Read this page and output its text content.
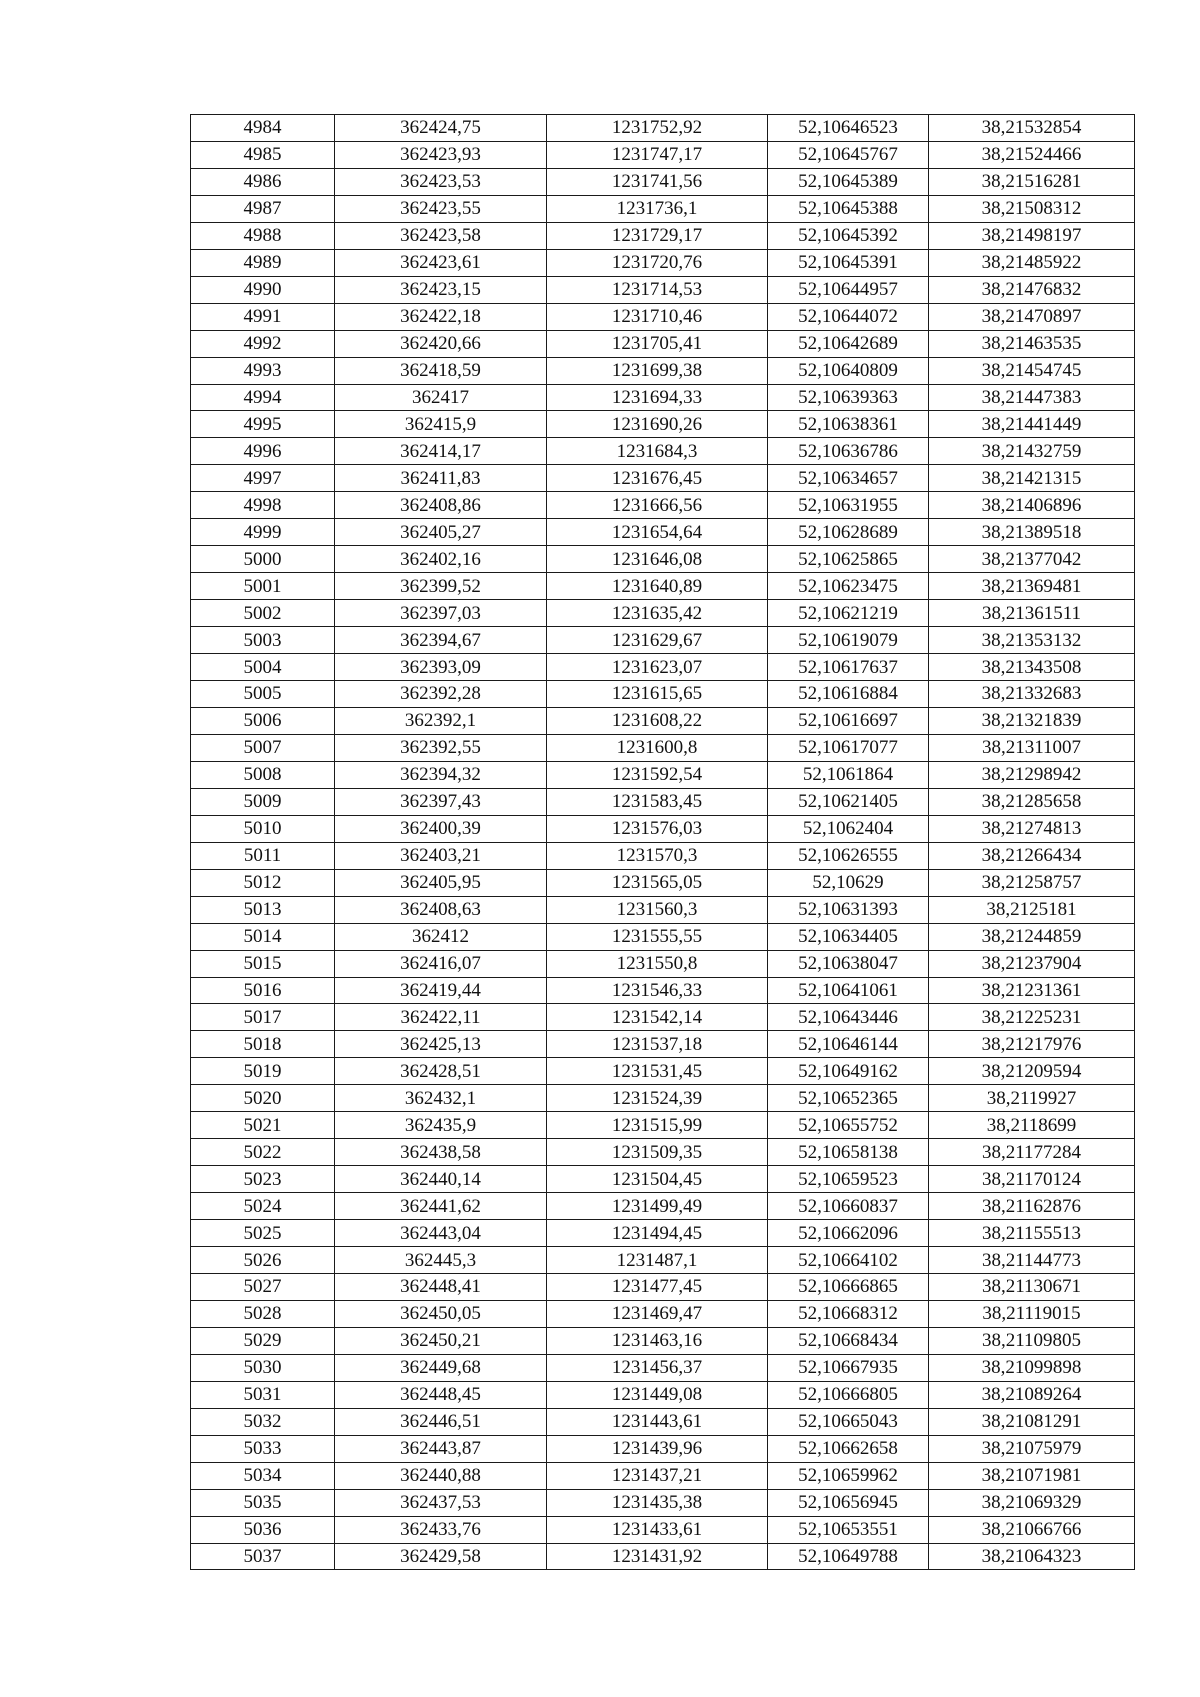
4984	362424,75	1231752,92	52,10646523	38,21532854
4985	362423,93	1231747,17	52,10645767	38,21524466
4986	362423,53	1231741,56	52,10645389	38,21516281
4987	362423,55	1231736,1	52,10645388	38,21508312
4988	362423,58	1231729,17	52,10645392	38,21498197
4989	362423,61	1231720,76	52,10645391	38,21485922
4990	362423,15	1231714,53	52,10644957	38,21476832
4991	362422,18	1231710,46	52,10644072	38,21470897
4992	362420,66	1231705,41	52,10642689	38,21463535
4993	362418,59	1231699,38	52,10640809	38,21454745
4994	362417	1231694,33	52,10639363	38,21447383
4995	362415,9	1231690,26	52,10638361	38,21441449
4996	362414,17	1231684,3	52,10636786	38,21432759
4997	362411,83	1231676,45	52,10634657	38,21421315
4998	362408,86	1231666,56	52,10631955	38,21406896
4999	362405,27	1231654,64	52,10628689	38,21389518
5000	362402,16	1231646,08	52,10625865	38,21377042
5001	362399,52	1231640,89	52,10623475	38,21369481
5002	362397,03	1231635,42	52,10621219	38,21361511
5003	362394,67	1231629,67	52,10619079	38,21353132
5004	362393,09	1231623,07	52,10617637	38,21343508
5005	362392,28	1231615,65	52,10616884	38,21332683
5006	362392,1	1231608,22	52,10616697	38,21321839
5007	362392,55	1231600,8	52,10617077	38,21311007
5008	362394,32	1231592,54	52,1061864	38,21298942
5009	362397,43	1231583,45	52,10621405	38,21285658
5010	362400,39	1231576,03	52,1062404	38,21274813
5011	362403,21	1231570,3	52,10626555	38,21266434
5012	362405,95	1231565,05	52,10629	38,21258757
5013	362408,63	1231560,3	52,10631393	38,2125181
5014	362412	1231555,55	52,10634405	38,21244859
5015	362416,07	1231550,8	52,10638047	38,21237904
5016	362419,44	1231546,33	52,10641061	38,21231361
5017	362422,11	1231542,14	52,10643446	38,21225231
5018	362425,13	1231537,18	52,10646144	38,21217976
5019	362428,51	1231531,45	52,10649162	38,21209594
5020	362432,1	1231524,39	52,10652365	38,2119927
5021	362435,9	1231515,99	52,10655752	38,2118699
5022	362438,58	1231509,35	52,10658138	38,21177284
5023	362440,14	1231504,45	52,10659523	38,21170124
5024	362441,62	1231499,49	52,10660837	38,21162876
5025	362443,04	1231494,45	52,10662096	38,21155513
5026	362445,3	1231487,1	52,10664102	38,21144773
5027	362448,41	1231477,45	52,10666865	38,21130671
5028	362450,05	1231469,47	52,10668312	38,21119015
5029	362450,21	1231463,16	52,10668434	38,21109805
5030	362449,68	1231456,37	52,10667935	38,21099898
5031	362448,45	1231449,08	52,10666805	38,21089264
5032	362446,51	1231443,61	52,10665043	38,21081291
5033	362443,87	1231439,96	52,10662658	38,21075979
5034	362440,88	1231437,21	52,10659962	38,21071981
5035	362437,53	1231435,38	52,10656945	38,21069329
5036	362433,76	1231433,61	52,10653551	38,21066766
5037	362429,58	1231431,92	52,10649788	38,21064323
